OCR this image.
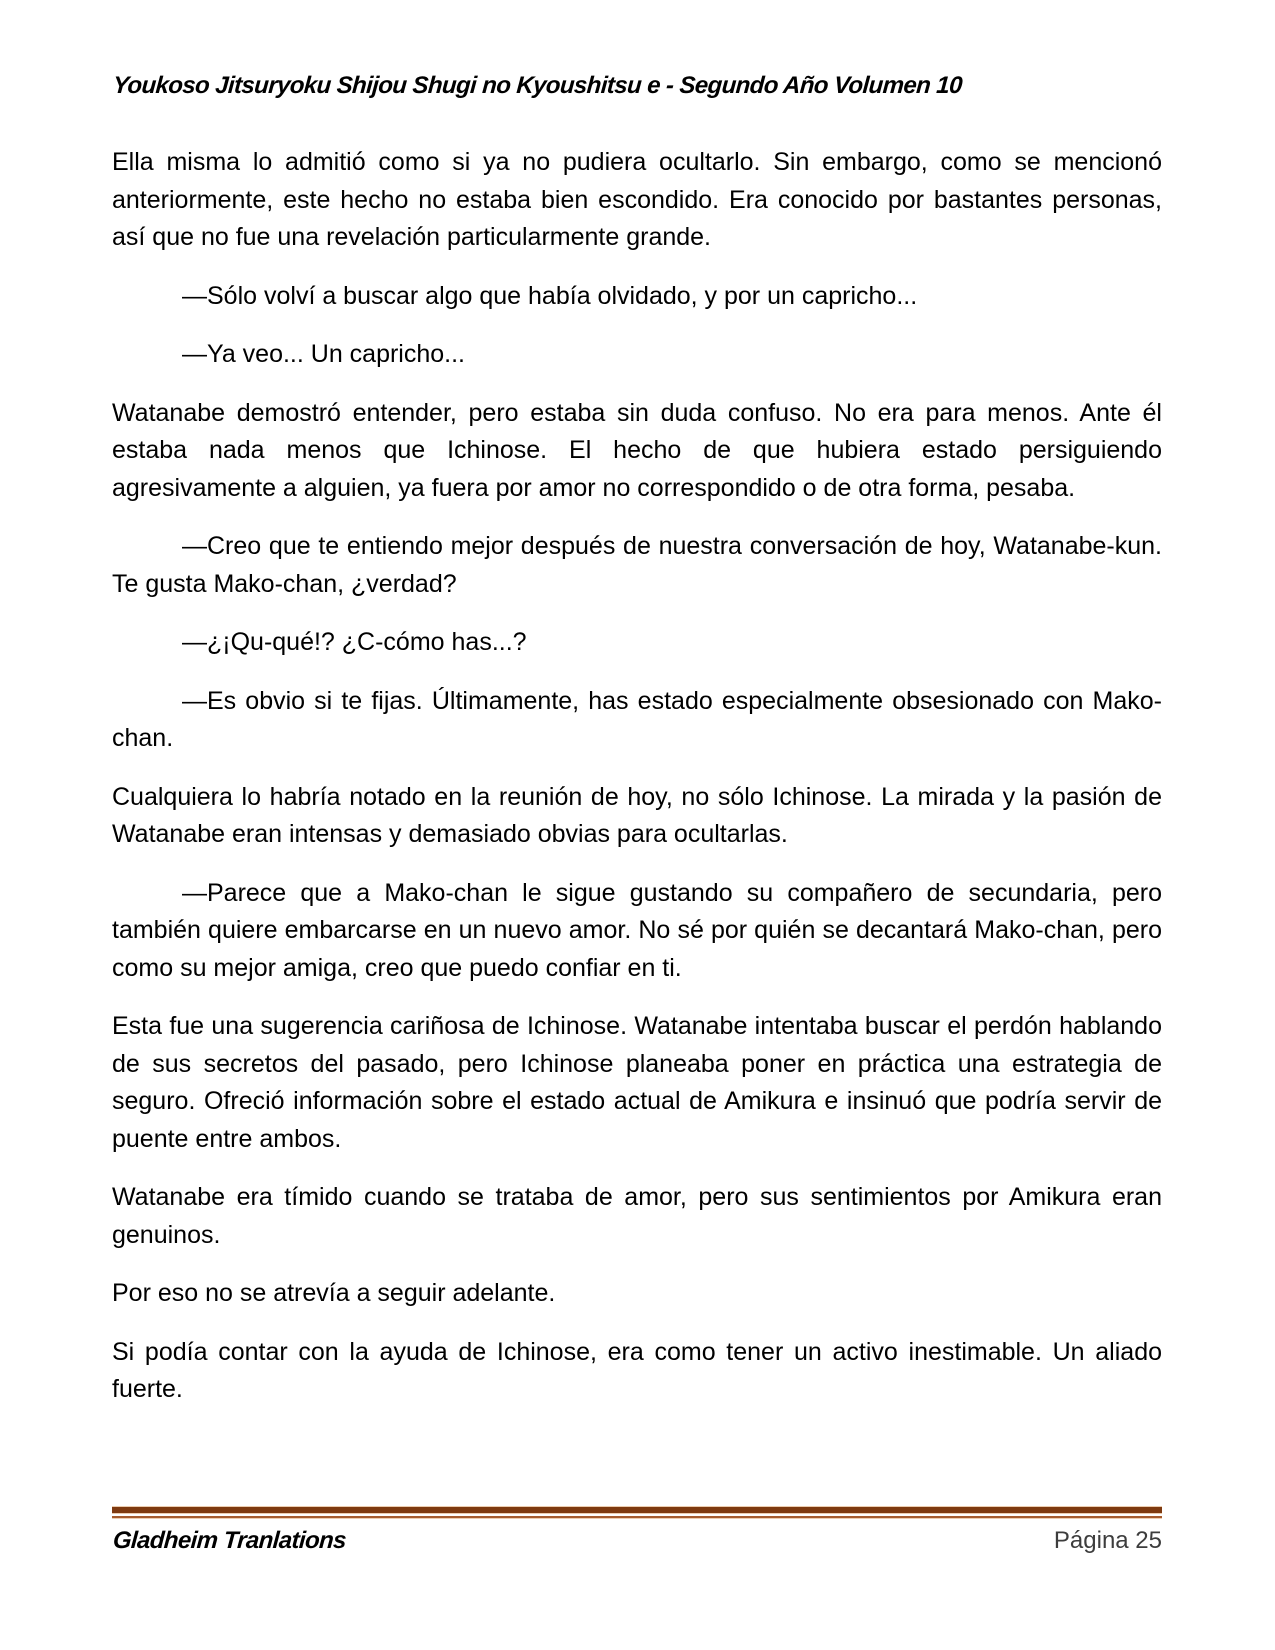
Youkoso Jitsuryoku Shijou Shugi no Kyoushitsu e - Segundo Año Volumen 10

Ella misma lo admitió como si ya no pudiera ocultarlo. Sin embargo, como se mencionó anteriormente, este hecho no estaba bien escondido. Era conocido por bastantes personas, así que no fue una revelación particularmente grande.

—Sólo volví a buscar algo que había olvidado, y por un capricho...

—Ya veo... Un capricho...

Watanabe demostró entender, pero estaba sin duda confuso. No era para menos. Ante él estaba nada menos que Ichinose. El hecho de que hubiera estado persiguiendo agresivamente a alguien, ya fuera por amor no correspondido o de otra forma, pesaba.

—Creo que te entiendo mejor después de nuestra conversación de hoy, Watanabe-kun. Te gusta Mako-chan, ¿verdad?

—¿¡Qu-qué!? ¿C-cómo has...?

—Es obvio si te fijas. Últimamente, has estado especialmente obsesionado con Mako-chan.

Cualquiera lo habría notado en la reunión de hoy, no sólo Ichinose. La mirada y la pasión de Watanabe eran intensas y demasiado obvias para ocultarlas.

—Parece que a Mako-chan le sigue gustando su compañero de secundaria, pero también quiere embarcarse en un nuevo amor. No sé por quién se decantará Mako-chan, pero como su mejor amiga, creo que puedo confiar en ti.

Esta fue una sugerencia cariñosa de Ichinose. Watanabe intentaba buscar el perdón hablando de sus secretos del pasado, pero Ichinose planeaba poner en práctica una estrategia de seguro. Ofreció información sobre el estado actual de Amikura e insinuó que podría servir de puente entre ambos.

Watanabe era tímido cuando se trataba de amor, pero sus sentimientos por Amikura eran genuinos.

Por eso no se atrevía a seguir adelante.

Si podía contar con la ayuda de Ichinose, era como tener un activo inestimable. Un aliado fuerte.

Gladheim Tranlations	Página 25
